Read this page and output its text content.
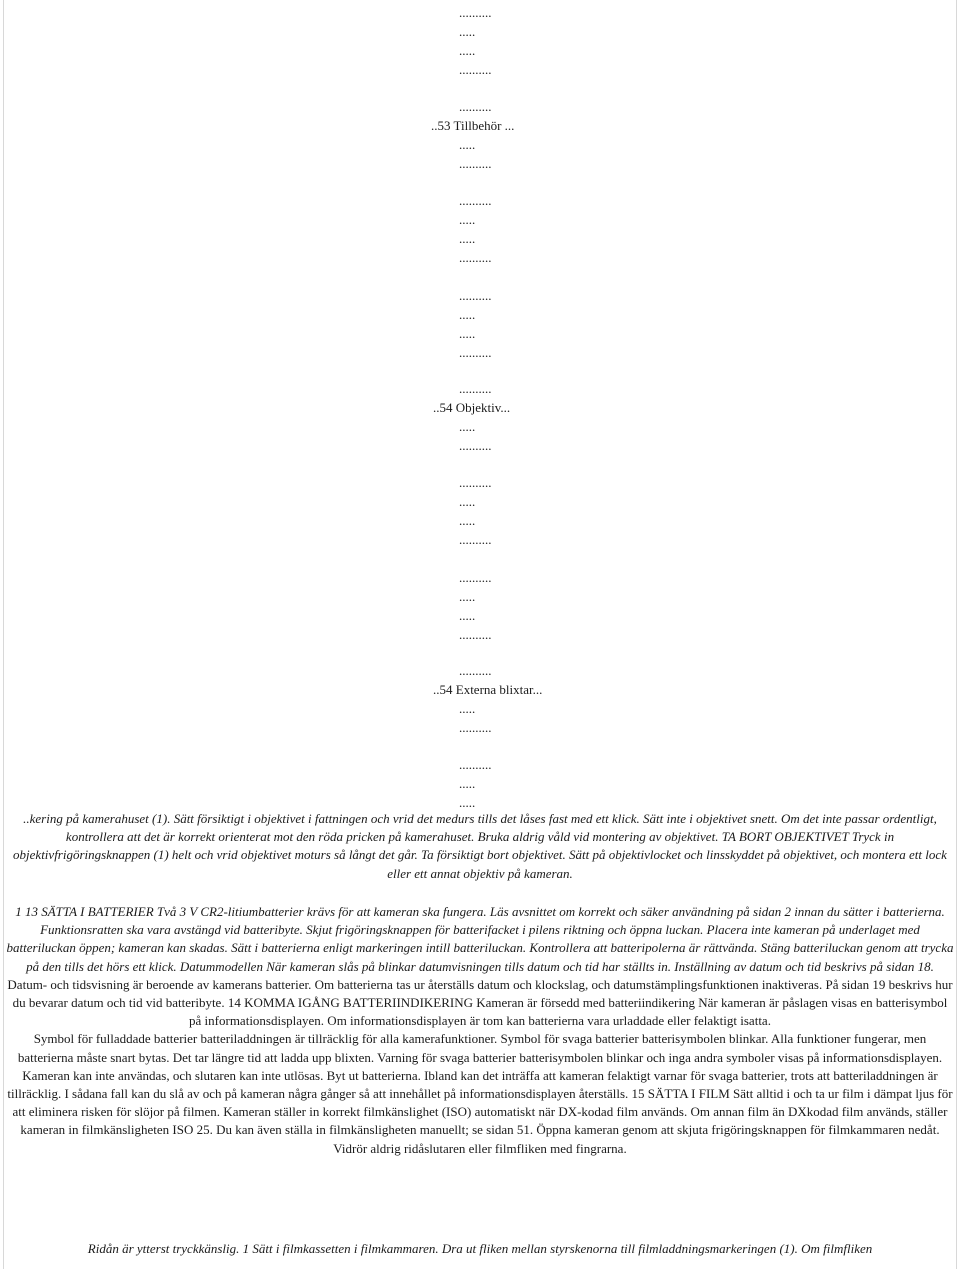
..........
.....
.....
..........
..........
..53 Tillbehör ...
.....
..........
..........
.....
.....
..........
..........
.....
.....
..........
..........
..54 Objektiv...
.....
..........
..........
.....
.....
..........
..........
.....
.....
..........
..........
..54 Externa blixtar...
.....
..........
..........
.....
.....

..kering på kamerahuset (1). Sätt försiktigt i objektivet i fattningen och vrid det medurs tills det låses fast med ett klick. Sätt inte i objektivet snett. Om det inte passar ordentligt, kontrollera att det är korrekt orienterat mot den röda pricken på kamerahuset. Bruka aldrig våld vid montering av objektivet. TA BORT OBJEKTIVET Tryck in objektivfrigöringsknappen (1) helt och vrid objektivet moturs så långt det går. Ta försiktigt bort objektivet. Sätt på objektivlocket och linsskyddet på objektivet, och montera ett lock eller ett annat objektiv på kameran.

1 13 SÄTTA I BATTERIER Två 3 V CR2-litiumbatterier krävs för att kameran ska fungera. Läs avsnittet om korrekt och säker användning på sidan 2 innan du sätter i batterierna. Funktionsratten ska vara avstängd vid batteribyte. Skjut frigöringsknappen för batterifacket i pilens riktning och öppna luckan. Placera inte kameran på underlaget med batteriluckan öppen; kameran kan skadas. Sätt i batterierna enligt markeringen intill batteriluckan. Kontrollera att batteripolerna är rättvända. Stäng batteriluckan genom att trycka på den tills det hörs ett klick. Datummodellen När kameran slås på blinkar datumvisningen tills datum och tid har ställts in. Inställning av datum och tid beskrivs på sidan 18.

Datum- och tidsvisning är beroende av kamerans batterier. Om batterierna tas ur återställs datum och klockslag, och datumstämplingsfunktionen inaktiveras. På sidan 19 beskrivs hur du bevarar datum och tid vid batteribyte. 14 KOMMA IGÅNG BATTERIINDIKERING Kameran är försedd med batteriindikering När kameran är påslagen visas en batterisymbol på informationsdisplayen. Om informationsdisplayen är tom kan batterierna vara urladdade eller felaktigt isatta.

Symbol för fulladdade batterier batteriladdningen är tillräcklig för alla kamerafunktioner. Symbol för svaga batterier batterisymbolen blinkar. Alla funktioner fungerar, men batterierna måste snart bytas. Det tar längre tid att ladda upp blixten. Varning för svaga batterier batterisymbolen blinkar och inga andra symboler visas på informationsdisplayen.

Kameran kan inte användas, och slutaren kan inte utlösas. Byt ut batterierna. Ibland kan det inträffa att kameran felaktigt varnar för svaga batterier, trots att batteriladdningen är tillräcklig. I sådana fall kan du slå av och på kameran några gånger så att innehållet på informationsdisplayen återställs. 15 SÄTTA I FILM Sätt alltid i och ta ur film i dämpat ljus för att eliminera risken för slöjor på filmen. Kameran ställer in korrekt filmkänslighet (ISO) automatiskt när DX-kodad film används. Om annan film än DXkodad film används, ställer kameran in filmkänsligheten ISO 25. Du kan även ställa in filmkänsligheten manuellt; se sidan 51. Öppna kameran genom att skjuta frigöringsknappen för filmkammaren nedåt. Vidrör aldrig ridåslutaren eller filmfliken med fingrarna.

Ridån är ytterst tryckkänslig. 1 Sätt i filmkassetten i filmkammaren. Dra ut fliken mellan styrskenorna till filmladdningsmarkeringen (1). Om filmfliken
